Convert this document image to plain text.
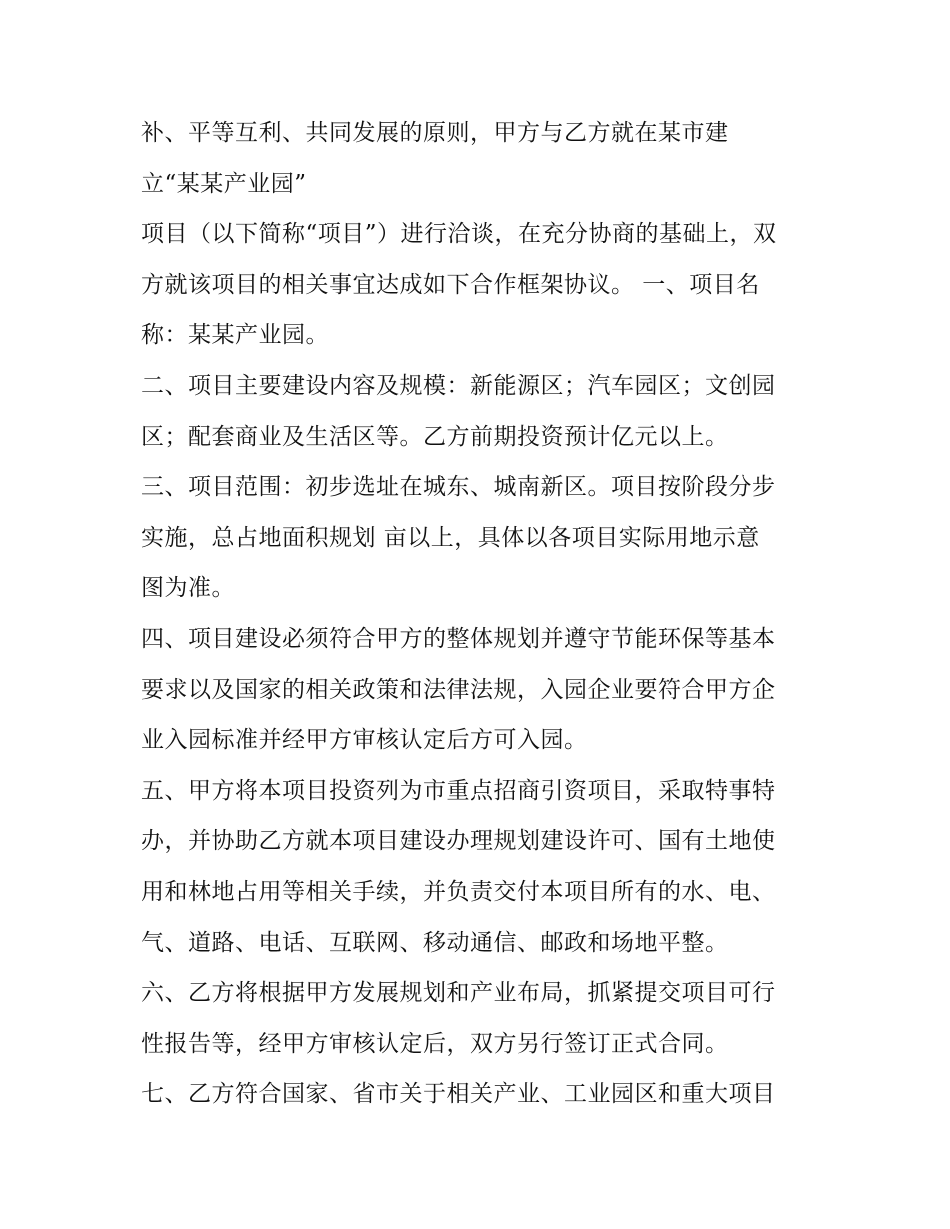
补、平等互利、共同发展的原则，甲方与乙方就在某市建
立“某某产业园”
项目（以下简称“项目”）进行洽谈，在充分协商的基础上，双
方就该项目的相关事宜达成如下合作框架协议。 一、项目名
称：某某产业园。
二、项目主要建设内容及规模：新能源区；汽车园区；文创园
区；配套商业及生活区等。乙方前期投资预计亿元以上。
三、项目范围：初步选址在城东、城南新区。项目按阶段分步
实施，总占地面积规划 亩以上，具体以各项目实际用地示意
图为准。
四、项目建设必须符合甲方的整体规划并遵守节能环保等基本
要求以及国家的相关政策和法律法规，入园企业要符合甲方企
业入园标准并经甲方审核认定后方可入园。
五、甲方将本项目投资列为市重点招商引资项目，采取特事特
办，并协助乙方就本项目建设办理规划建设许可、国有土地使
用和林地占用等相关手续，并负责交付本项目所有的水、电、
气、道路、电话、互联网、移动通信、邮政和场地平整。
六、乙方将根据甲方发展规划和产业布局，抓紧提交项目可行
性报告等，经甲方审核认定后，双方另行签订正式合同。
七、乙方符合国家、省市关于相关产业、工业园区和重大项目
